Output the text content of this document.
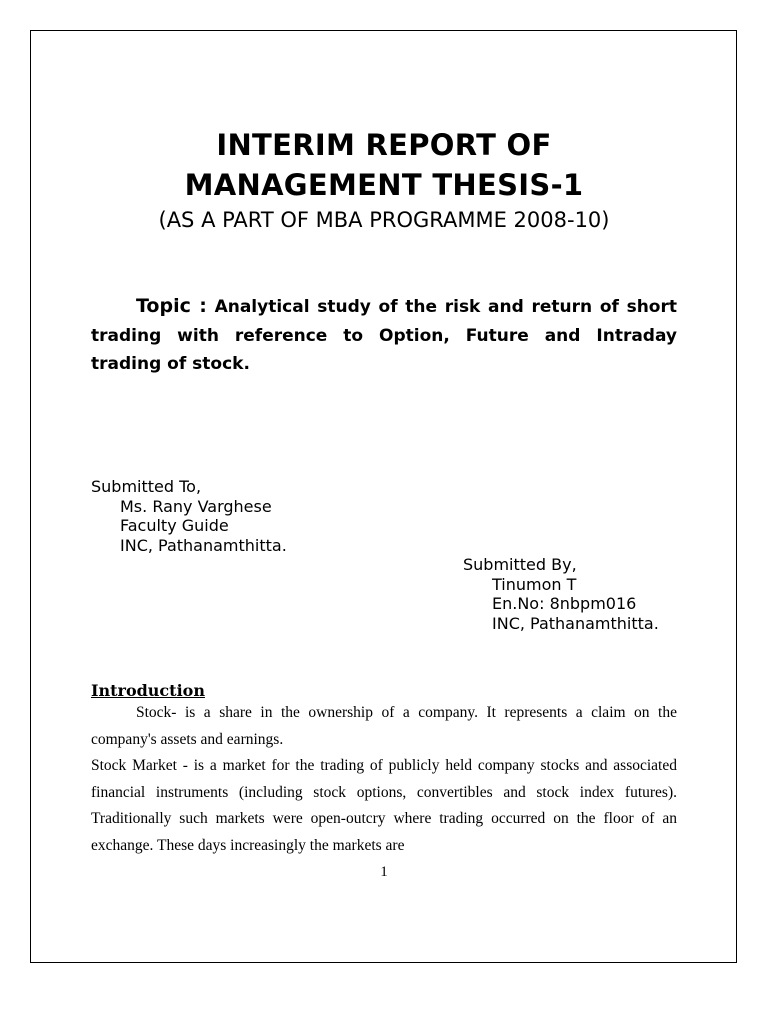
INTERIM REPORT OF
MANAGEMENT THESIS-1
(AS A PART OF MBA PROGRAMME 2008-10)
Topic : Analytical study of the risk and return of short trading with reference to Option, Future and Intraday trading of stock.
Submitted To,
Ms. Rany Varghese
Faculty Guide
INC, Pathanamthitta.
Submitted By,
Tinumon T
En.No: 8nbpm016
INC, Pathanamthitta.
Introduction

Stock- is a share in the ownership of a company. It represents a claim on the company's assets and earnings.

Stock Market - is a market for the trading of publicly held company stocks and associated financial instruments (including stock options, convertibles and stock index futures). Traditionally such markets were open-outcry where trading occurred on the floor of an exchange. These days increasingly the markets are

1
